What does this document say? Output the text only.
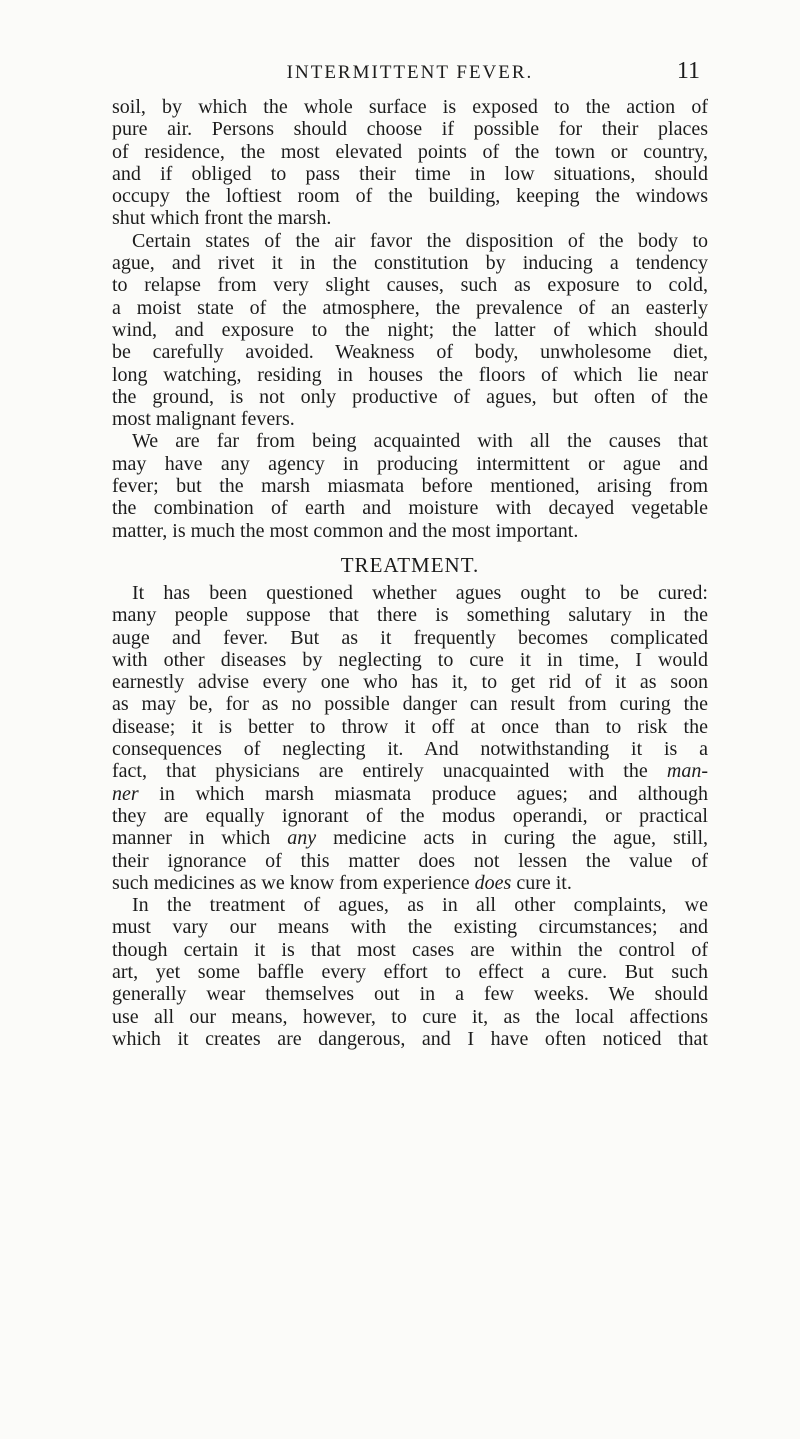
INTERMITTENT FEVER.	11
soil, by which the whole surface is exposed to the action of
pure air. Persons should choose if possible for their places
of residence, the most elevated points of the town or country,
and if obliged to pass their time in low situations, should
occupy the loftiest room of the building, keeping the windows
shut which front the marsh.
Certain states of the air favor the disposition of the body to
ague, and rivet it in the constitution by inducing a tendency
to relapse from very slight causes, such as exposure to cold,
a moist state of the atmosphere, the prevalence of an easterly
wind, and exposure to the night; the latter of which should
be carefully avoided. Weakness of body, unwholesome diet,
long watching, residing in houses the floors of which lie near
the ground, is not only productive of agues, but often of the
most malignant fevers.
We are far from being acquainted with all the causes that
may have any agency in producing intermittent or ague and
fever; but the marsh miasmata before mentioned, arising from
the combination of earth and moisture with decayed vegetable
matter, is much the most common and the most important.
TREATMENT.
It has been questioned whether agues ought to be cured:
many people suppose that there is something salutary in the
auge and fever. But as it frequently becomes complicated
with other diseases by neglecting to cure it in time, I would
earnestly advise every one who has it, to get rid of it as soon
as may be, for as no possible danger can result from curing the
disease; it is better to throw it off at once than to risk the
consequences of neglecting it. And notwithstanding it is a
fact, that physicians are entirely unacquainted with the man-
ner in which marsh miasmata produce agues; and although
they are equally ignorant of the modus operandi, or practical
manner in which any medicine acts in curing the ague, still,
their ignorance of this matter does not lessen the value of
such medicines as we know from experience does cure it.
In the treatment of agues, as in all other complaints, we
must vary our means with the existing circumstances; and
though certain it is that most cases are within the control of
art, yet some baffle every effort to effect a cure. But such
generally wear themselves out in a few weeks. We should
use all our means, however, to cure it, as the local affections
which it creates are dangerous, and I have often noticed that
